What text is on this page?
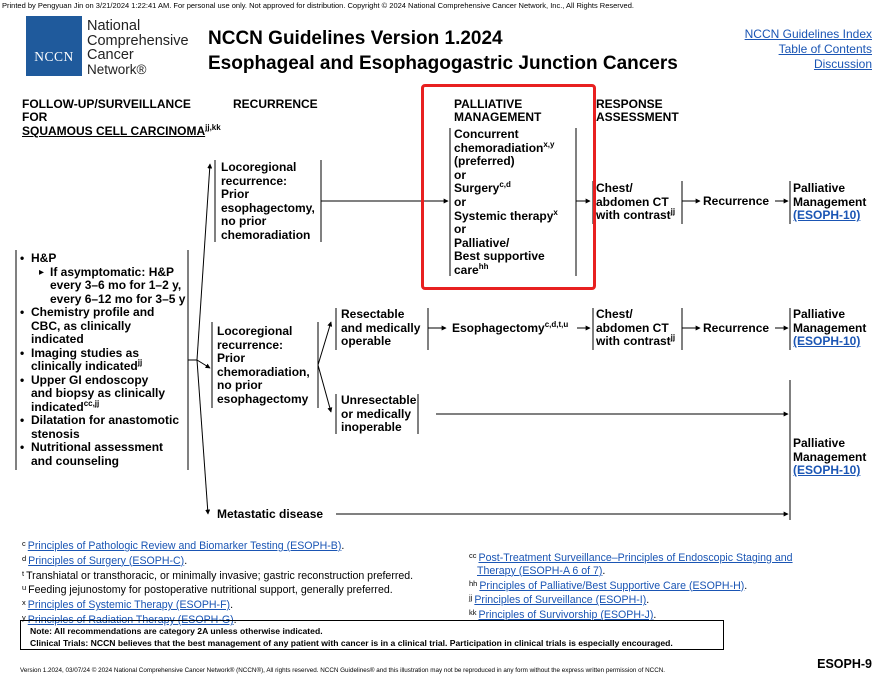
Printed by Pengyuan Jin on 3/21/2024 1:22:41 AM. For personal use only. Not approved for distribution. Copyright © 2024 National Comprehensive Cancer Network, Inc., All Rights Reserved.
NCCN
National
Comprehensive
Cancer
Network®
NCCN Guidelines Version 1.2024
Esophageal and Esophagogastric Junction Cancers
NCCN Guidelines Index
Table of Contents
Discussion
FOLLOW-UP/SURVEILLANCE
FOR
SQUAMOUS CELL $CARCINOMA^{jj,kk}$
RECURRENCE	PALLIATIVE
MANAGEMENT
RESPONSE
ASSESSMENT
• H&P
▸ If asymptomatic: H&P
every 3–6 mo for 1–2 y,
every 6–12 mo for 3–5 y
• Chemistry profile and
CBC, as clinically
indicated
• Imaging studies as
clinically indicated$^{jj}$
• Upper GI endoscopy
and biopsy as clinically
indicated$^{cc,jj}$
• Dilatation for anastomotic
stenosis
• Nutritional assessment
and counseling
Locoregional
recurrence:
Prior
esophagectomy,
no prior
chemoradiation
Locoregional
recurrence:
Prior
chemoradiation,
no prior
esophagectomy
Metastatic disease
Concurrent
chemoradiation$^{x,y}$
(preferred)
or
Surgery$^{c,d}$
or
Systemic therapy$^x$
or
Palliative/
Best supportive
care$^{hh}$
Chest/
abdomen CT
with contrast$^{jj}$
Recurrence
Palliative
Management
(ESOPH-10)
Resectable
and medically
operable
Esophagectomy$^{c,d,t,u}$
Chest/
abdomen CT
with contrast$^{jj}$
Recurrence
Palliative
Management
(ESOPH-10)
Unresectable
or medically
inoperable
Palliative
Management
(ESOPH-10)
$^c$ Principles of Pathologic Review and Biomarker Testing (ESOPH-B).
$^d$ Principles of Surgery (ESOPH-C).
$^t$ Transhiatal or transthoracic, or minimally invasive; gastric reconstruction preferred.
$^u$ Feeding jejunostomy for postoperative nutritional support, generally preferred.
$^x$ Principles of Systemic Therapy (ESOPH-F).
$^y$ Principles of Radiation Therapy (ESOPH-G).
$^{cc}$ Post-Treatment Surveillance–Principles of Endoscopic Staging and
Therapy (ESOPH-A 6 of 7).
$^{hh}$ Principles of Palliative/Best Supportive Care (ESOPH-H).
$^{jj}$ Principles of Surveillance (ESOPH-I).
$^{kk}$ Principles of Survivorship (ESOPH-J).
Note: All recommendations are category 2A unless otherwise indicated.
Clinical Trials: NCCN believes that the best management of any patient with cancer is in a clinical trial. Participation in clinical trials is especially encouraged.
Version 1.2024, 03/07/24 © 2024 National Comprehensive Cancer Network® (NCCN®), All rights reserved. NCCN Guidelines® and this illustration may not be reproduced in any form without the express written permission of NCCN.	ESOPH-9
